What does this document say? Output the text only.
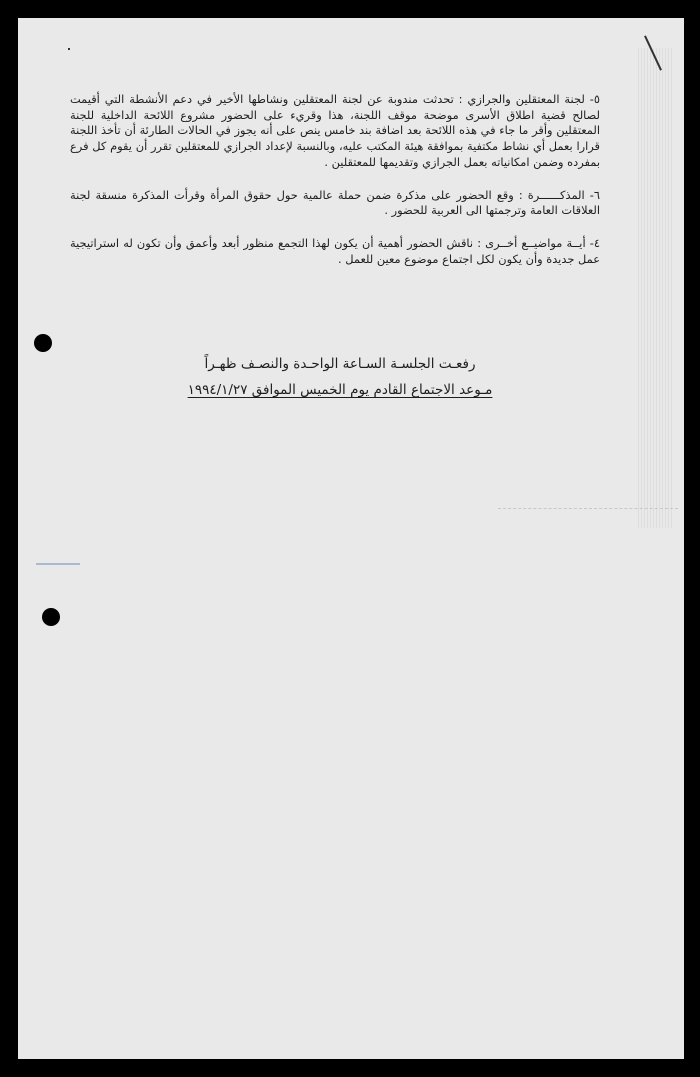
٥- لجنة المعتقلين والجرازي : تحدثت مندوبة عن لجنة المعتقلين ونشاطها الأخير في دعم الأنشطة التي أقيمت لصالح قضية اطلاق الأسرى موضحة موقف اللجنة، هذا وقريء على الحضور مشروع اللائحة الداخلية للجنة المعتقلين وأقر ما جاء في هذه اللائحة بعد اضافة بند خامس ينص على أنه يجوز في الحالات الطارئة أن تأخذ اللجنة قرارا بعمل أي نشاط مكتفية بموافقة هيئة المكتب عليه، وبالنسبة لإعداد الجرازي للمعتقلين تقرر أن يقوم كل فرع بمفرده وضمن امكانياته بعمل الجرازي وتقديمها للمعتقلين .

٦- المذكــــــرة : وقع الحضور على مذكرة ضمن حملة عالمية حول حقوق المرأة وقرأت المذكرة منسقة لجنة العلاقات العامة وترجمتها الى العربية للحضور .

٤- أيــة مواضيــع أخــرى : ناقش الحضور أهمية أن يكون لهذا التجمع منظور أبعد وأعمق وأن تكون له استراتيجية عمل جديدة وأن يكون لكل اجتماع موضوع معين للعمل .

رفعـت الجلسـة السـاعة الواحـدة والنصـف ظهـراً

مـوعد الاجتماع القادم يوم الخميس الموافق ١٩٩٤/١/٢٧
